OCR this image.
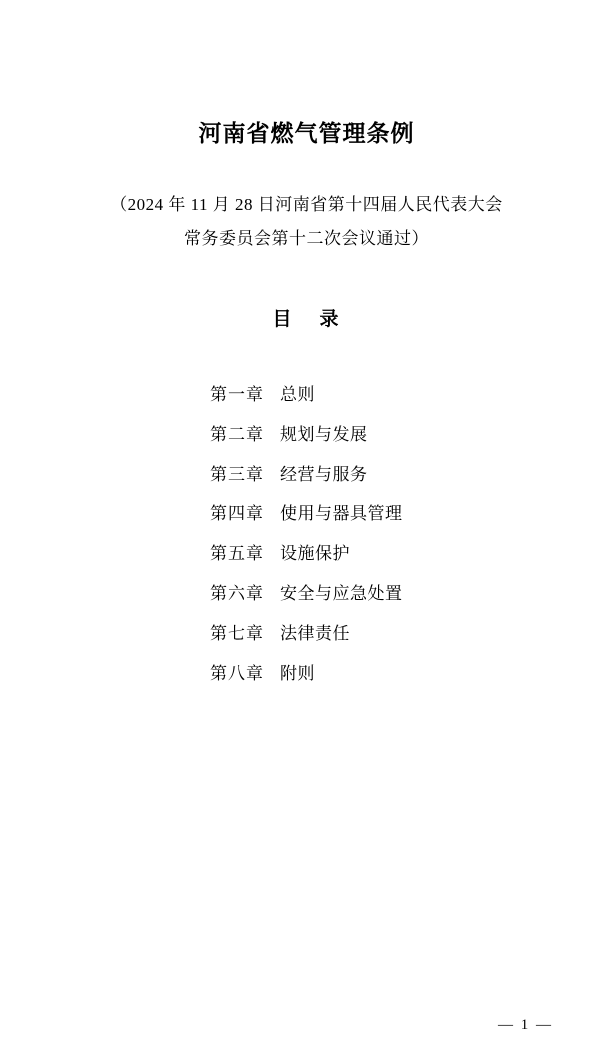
河南省燃气管理条例
（2024 年 11 月 28 日河南省第十四届人民代表大会
常务委员会第十二次会议通过）
目 录
第一章 总则
第二章 规划与发展
第三章 经营与服务
第四章 使用与器具管理
第五章 设施保护
第六章 安全与应急处置
第七章 法律责任
第八章 附则
— 1 —
